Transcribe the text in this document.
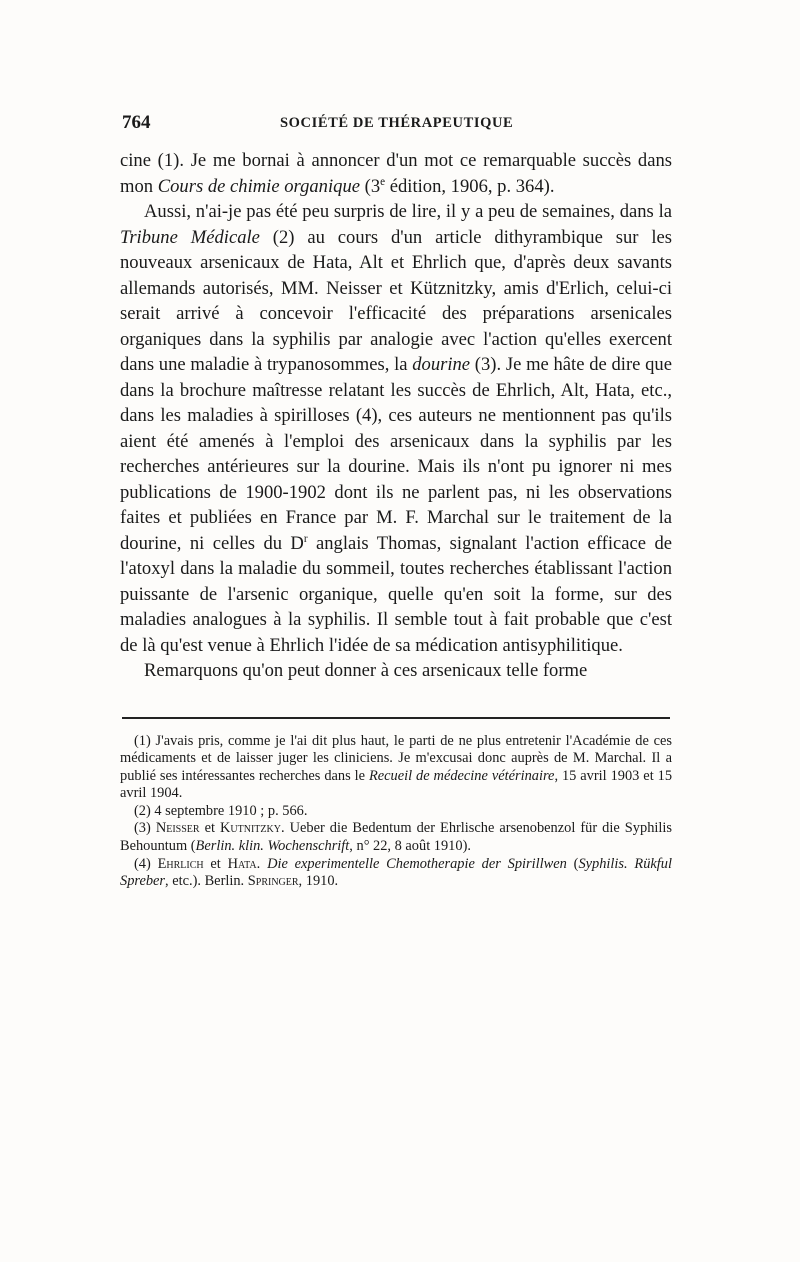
764	SOCIÉTÉ DE THÉRAPEUTIQUE

cine (1). Je me bornai à annoncer d'un mot ce remarquable succès dans mon Cours de chimie organique (3e édition, 1906, p. 364).

Aussi, n'ai-je pas été peu surpris de lire, il y a peu de semaines, dans la Tribune Médicale (2) au cours d'un article dithyrambique sur les nouveaux arsenicaux de Hata, Alt et Ehrlich que, d'après deux savants allemands autorisés, MM. Neisser et Kütznitzky, amis d'Erlich, celui-ci serait arrivé à concevoir l'efficacité des préparations arsenicales organiques dans la syphilis par analogie avec l'action qu'elles exercent dans une maladie à trypanosommes, la dourine (3). Je me hâte de dire que dans la brochure maîtresse relatant les succès de Ehrlich, Alt, Hata, etc., dans les maladies à spirilloses (4), ces auteurs ne mentionnent pas qu'ils aient été amenés à l'emploi des arsenicaux dans la syphilis par les recherches antérieures sur la dourine. Mais ils n'ont pu ignorer ni mes publications de 1900-1902 dont ils ne parlent pas, ni les observations faites et publiées en France par M. F. Marchal sur le traitement de la dourine, ni celles du $D^r$ anglais Thomas, signalant l'action efficace de l'atoxyl dans la maladie du sommeil, toutes recherches établissant l'action puissante de l'arsenic organique, quelle qu'en soit la forme, sur des maladies analogues à la syphilis. Il semble tout à fait probable que c'est de là qu'est venue à Ehrlich l'idée de sa médication antisyphilitique.

Remarquons qu'on peut donner à ces arsenicaux telle forme

(1) J'avais pris, comme je l'ai dit plus haut, le parti de ne plus entretenir l'Académie de ces médicaments et de laisser juger les cliniciens. Je m'excusai donc auprès de M. Marchal. Il a publié ses intéressantes recherches dans le Recueil de médecine vétérinaire, 15 avril 1903 et 15 avril 1904.

(2) 4 septembre 1910 ; p. 566.

(3) Neisser et Kutnitzky. Ueber die Bedentum der Ehrlische arsenobenzol für die Syphilis Behountum (Berlin. klin. Wochenschrift, n° 22, 8 août 1910).

(4) Ehrlich et Hata. Die experimentelle Chemotherapie der Spirillwen (Syphilis. Rükful Spreber, etc.). Berlin. Springer, 1910.
